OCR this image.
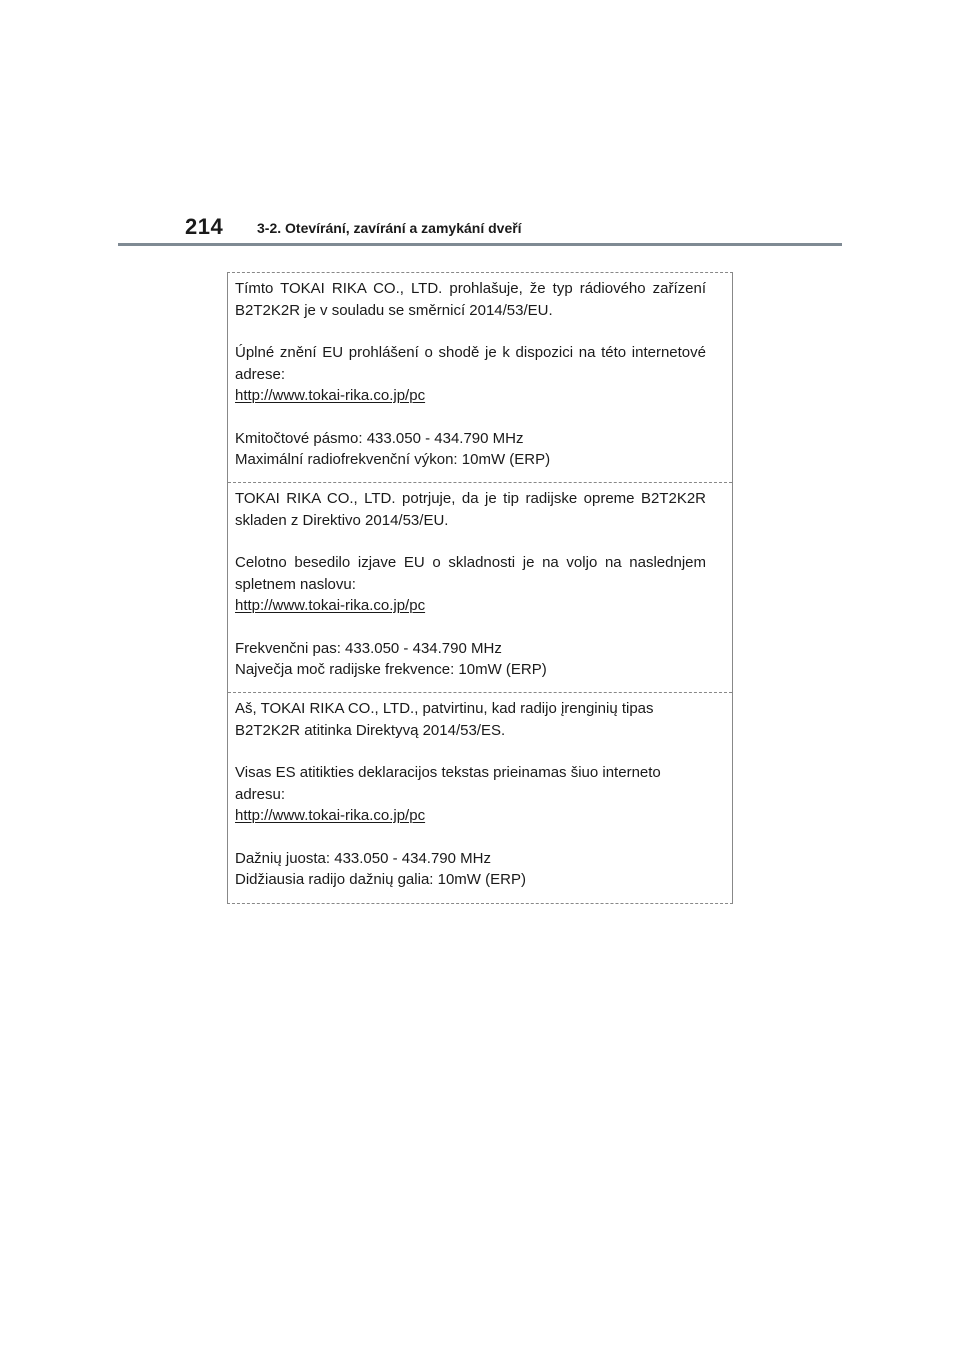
214 3-2. Otevírání, zavírání a zamykání dveří
Tímto TOKAI RIKA CO., LTD. prohlašuje, že typ rádiového zařízení
B2T2K2R je v souladu se směrnicí 2014/53/EU.
Úplné znění EU prohlášení o shodě je k dispozici na této internetové
adrese:
http://www.tokai-rika.co.jp/pc
Kmitočtové pásmo: 433.050 - 434.790 MHz
Maximální radiofrekvenční výkon: 10mW (ERP)
TOKAI RIKA CO., LTD. potrjuje, da je tip radijske opreme B2T2K2R
skladen z Direktivo 2014/53/EU.
Celotno besedilo izjave EU o skladnosti je na voljo na naslednjem
spletnem naslovu:
http://www.tokai-rika.co.jp/pc
Frekvenčni pas: 433.050 - 434.790 MHz
Največja moč radijske frekvence: 10mW (ERP)
Aš, TOKAI RIKA CO., LTD., patvirtinu, kad radijo įrenginių tipas
B2T2K2R atitinka Direktyvą 2014/53/ES.
Visas ES atitikties deklaracijos tekstas prieinamas šiuo interneto
adresu:
http://www.tokai-rika.co.jp/pc
Dažnių juosta: 433.050 - 434.790 MHz
Didžiausia radijo dažnių galia: 10mW (ERP)
